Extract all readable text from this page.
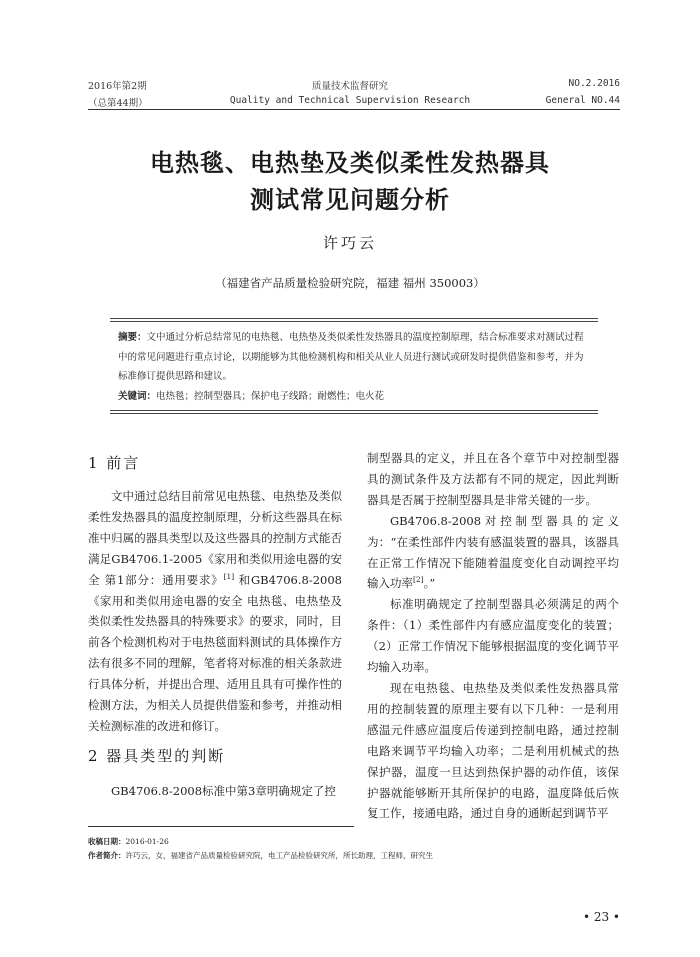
2016年第2期
（总第44期）
质量技术监督研究
Quality and Technical Supervision Research
NO.2.2016
General NO.44
电热毯、电热垫及类似柔性发热器具
测试常见问题分析
许巧云
（福建省产品质量检验研究院，福建 福州 350003）
摘要：文中通过分析总结常见的电热毯、电热垫及类似柔性发热器具的温度控制原理，结合标准要求对测试过程中的常见问题进行重点讨论，以期能够为其他检测机构和相关从业人员进行测试或研发时提供借鉴和参考，并为标准修订提供思路和建议。
关键词：电热毯；控制型器具；保护电子线路；耐燃性；电火花
1 前言

文中通过总结目前常见电热毯、电热垫及类似柔性发热器具的温度控制原理，分析这些器具在标准中归属的器具类型以及这些器具的控制方式能否满足GB4706.1-2005《家用和类似用途电器的安全 第1部分：通用要求》[1] 和GB4706.8-2008《家用和类似用途电器的安全 电热毯、电热垫及类似柔性发热器具的特殊要求》的要求，同时，目前各个检测机构对于电热毯面料测试的具体操作方法有很多不同的理解，笔者将对标准的相关条款进行具体分析，并提出合理、适用且具有可操作性的检测方法，为相关人员提供借鉴和参考，并推动相关检测标准的改进和修订。

2 器具类型的判断

GB4706.8-2008标准中第3章明确规定了控

制型器具的定义，并且在各个章节中对控制型器具的测试条件及方法都有不同的规定，因此判断器具是否属于控制型器具是非常关键的一步。

GB4706.8-2008对控制型器具的定义为：“在柔性部件内装有感温装置的器具，该器具在正常工作情况下能随着温度变化自动调控平均输入功率[2]。”

标准明确规定了控制型器具必须满足的两个条件：（1）柔性部件内有感应温度变化的装置；（2）正常工作情况下能够根据温度的变化调节平均输入功率。

现在电热毯、电热垫及类似柔性发热器具常用的控制装置的原理主要有以下几种：一是利用感温元件感应温度后传递到控制电路，通过控制电路来调节平均输入功率；二是利用机械式的热保护器，温度一旦达到热保护器的动作值，该保护器就能够断开其所保护的电路，温度降低后恢复工作，接通电路，通过自身的通断起到调节平

收稿日期：2016-01-26
作者简介：许巧云，女，福建省产品质量检验研究院，电工产品检验研究所，所长助理，工程师，研究生
• 23 •
